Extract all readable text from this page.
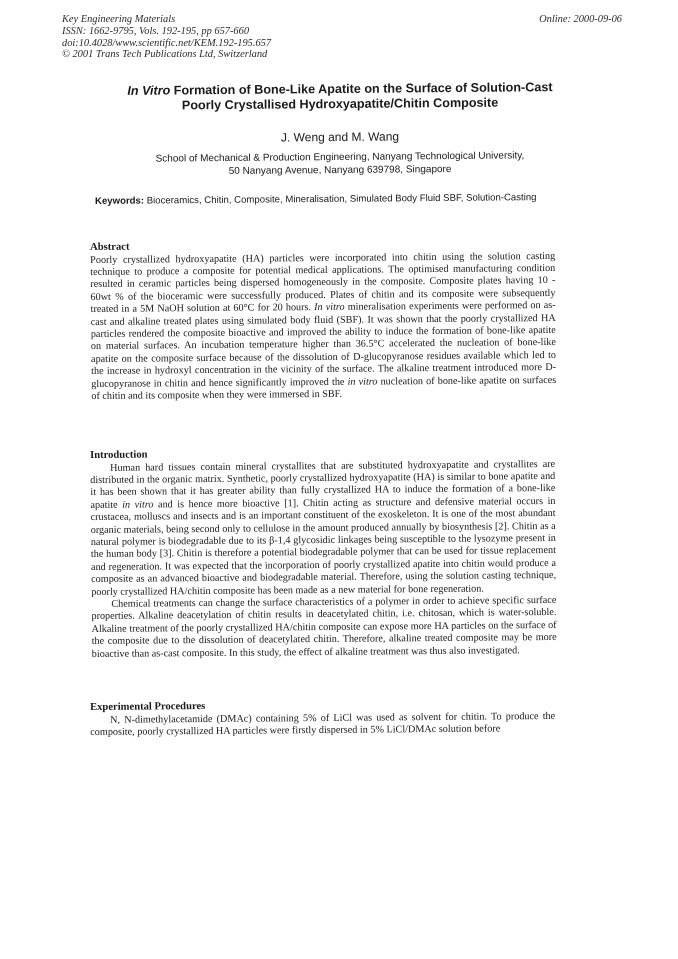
Key Engineering Materials
ISSN: 1662-9795, Vols. 192-195, pp 657-660
doi:10.4028/www.scientific.net/KEM.192-195.657
© 2001 Trans Tech Publications Ltd, Switzerland
Online: 2000-09-06
In Vitro Formation of Bone-Like Apatite on the Surface of Solution-Cast
Poorly Crystallised Hydroxyapatite/Chitin Composite
J. Weng and M. Wang
School of Mechanical & Production Engineering, Nanyang Technological University,
50 Nanyang Avenue, Nanyang 639798, Singapore
Keywords: Bioceramics, Chitin, Composite, Mineralisation, Simulated Body Fluid SBF, Solution-Casting
Abstract

Poorly crystallized hydroxyapatite (HA) particles were incorporated into chitin using the solution casting technique to produce a composite for potential medical applications. The optimised manufacturing condition resulted in ceramic particles being dispersed homogeneously in the composite. Composite plates having 10 - 60wt % of the bioceramic were successfully produced. Plates of chitin and its composite were subsequently treated in a 5M NaOH solution at 60°C for 20 hours. In vitro mineralisation experiments were performed on as-cast and alkaline treated plates using simulated body fluid (SBF). It was shown that the poorly crystallized HA particles rendered the composite bioactive and improved the ability to induce the formation of bone-like apatite on material surfaces. An incubation temperature higher than 36.5°C accelerated the nucleation of bone-like apatite on the composite surface because of the dissolution of D-glucopyranose residues available which led to the increase in hydroxyl concentration in the vicinity of the surface. The alkaline treatment introduced more D-glucopyranose in chitin and hence significantly improved the in vitro nucleation of bone-like apatite on surfaces of chitin and its composite when they were immersed in SBF.

Introduction

Human hard tissues contain mineral crystallites that are substituted hydroxyapatite and crystallites are distributed in the organic matrix. Synthetic, poorly crystallized hydroxyapatite (HA) is similar to bone apatite and it has been shown that it has greater ability than fully crystallized HA to induce the formation of a bone-like apatite in vitro and is hence more bioactive [1]. Chitin acting as structure and defensive material occurs in crustacea, molluscs and insects and is an important constituent of the exoskeleton. It is one of the most abundant organic materials, being second only to cellulose in the amount produced annually by biosynthesis [2]. Chitin as a natural polymer is biodegradable due to its β-1,4 glycosidic linkages being susceptible to the lysozyme present in the human body [3]. Chitin is therefore a potential biodegradable polymer that can be used for tissue replacement and regeneration. It was expected that the incorporation of poorly crystallized apatite into chitin would produce a composite as an advanced bioactive and biodegradable material. Therefore, using the solution casting technique, poorly crystallized HA/chitin composite has been made as a new material for bone regeneration.

Chemical treatments can change the surface characteristics of a polymer in order to achieve specific surface properties. Alkaline deacetylation of chitin results in deacetylated chitin, i.e. chitosan, which is water-soluble. Alkaline treatment of the poorly crystallized HA/chitin composite can expose more HA particles on the surface of the composite due to the dissolution of deacetylated chitin. Therefore, alkaline treated composite may be more bioactive than as-cast composite. In this study, the effect of alkaline treatment was thus also investigated.

Experimental Procedures

N, N-dimethylacetamide (DMAc) containing 5% of LiCl was used as solvent for chitin. To produce the composite, poorly crystallized HA particles were firstly dispersed in 5% LiCl/DMAc solution before
